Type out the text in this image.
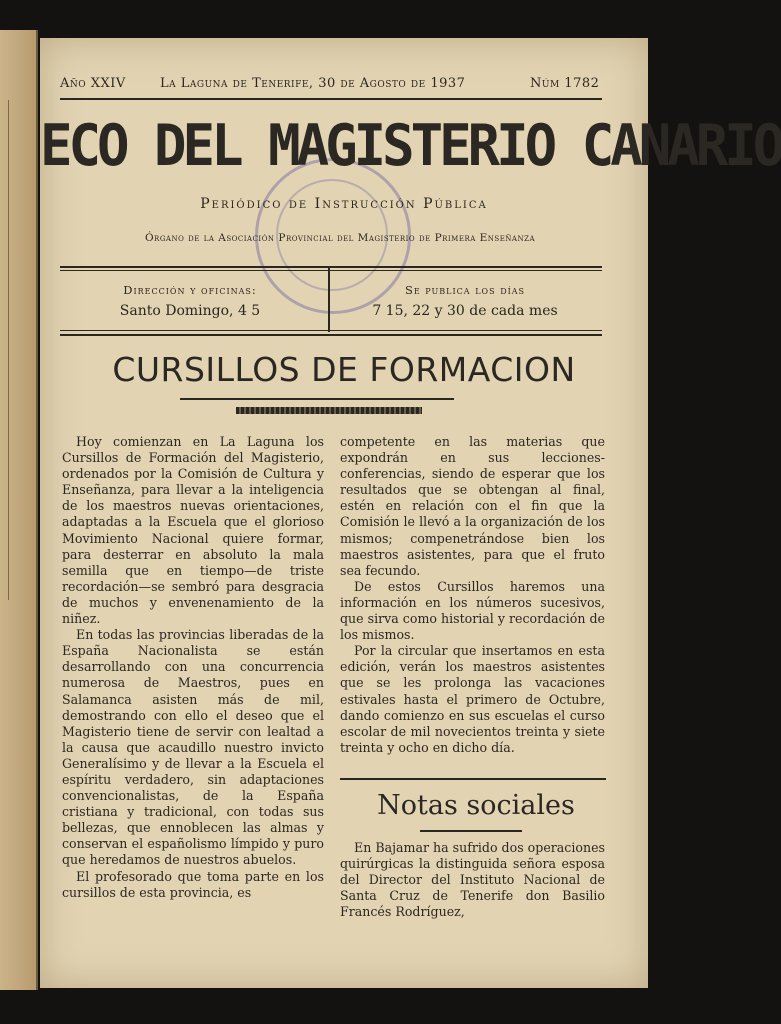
Año XXIV	La Laguna de Tenerife, 30 de Agosto de 1937	Núm 1782
ECO DEL MAGISTERIO CANARIO
Periódico de Instrucción Pública
Órgano de la Asociación Provincial del Magisterio de Primera Enseñanza
Dirección y oficinas:
Santo Domingo, 4 5
Se publica los días
7 15, 22 y 30 de cada mes
CURSILLOS DE FORMACION

Hoy comienzan en La Laguna los Cursillos de Formación del Magisterio, ordenados por la Comisión de Cultura y Enseñanza, para llevar a la inteligencia de los maestros nuevas orientaciones, adaptadas a la Escuela que el glorioso Movimiento Nacional quiere formar, para desterrar en absoluto la mala semilla que en tiempo—de triste recordación—se sembró para desgracia de muchos y envenenamiento de la niñez.

En todas las provincias liberadas de la España Nacionalista se están desarrollando con una concurrencia numerosa de Maestros, pues en Salamanca asisten más de mil, demostrando con ello el deseo que el Magisterio tiene de servir con lealtad a la causa que acaudillo nuestro invicto Generalísimo y de llevar a la Escuela el espíritu verdadero, sin adaptaciones convencionalistas, de la España cristiana y tradicional, con todas sus bellezas, que ennoblecen las almas y conservan el españolismo límpido y puro que heredamos de nuestros abuelos.

El profesorado que toma parte en los cursillos de esta provincia, es

competente en las materias que expondrán en sus lecciones-conferencias, siendo de esperar que los resultados que se obtengan al final, estén en relación con el fin que la Comisión le llevó a la organización de los mismos; compenetrándose bien los maestros asistentes, para que el fruto sea fecundo.

De estos Cursillos haremos una información en los números sucesivos, que sirva como historial y recordación de los mismos.

Por la circular que insertamos en esta edición, verán los maestros asistentes que se les prolonga las vacaciones estivales hasta el primero de Octubre, dando comienzo en sus escuelas el curso escolar de mil novecientos treinta y siete treinta y ocho en dicho día.

Notas sociales

En Bajamar ha sufrido dos operaciones quirúrgicas la distinguida señora esposa del Director del Instituto Nacional de Santa Cruz de Tenerife don Basilio Francés Rodríguez,
